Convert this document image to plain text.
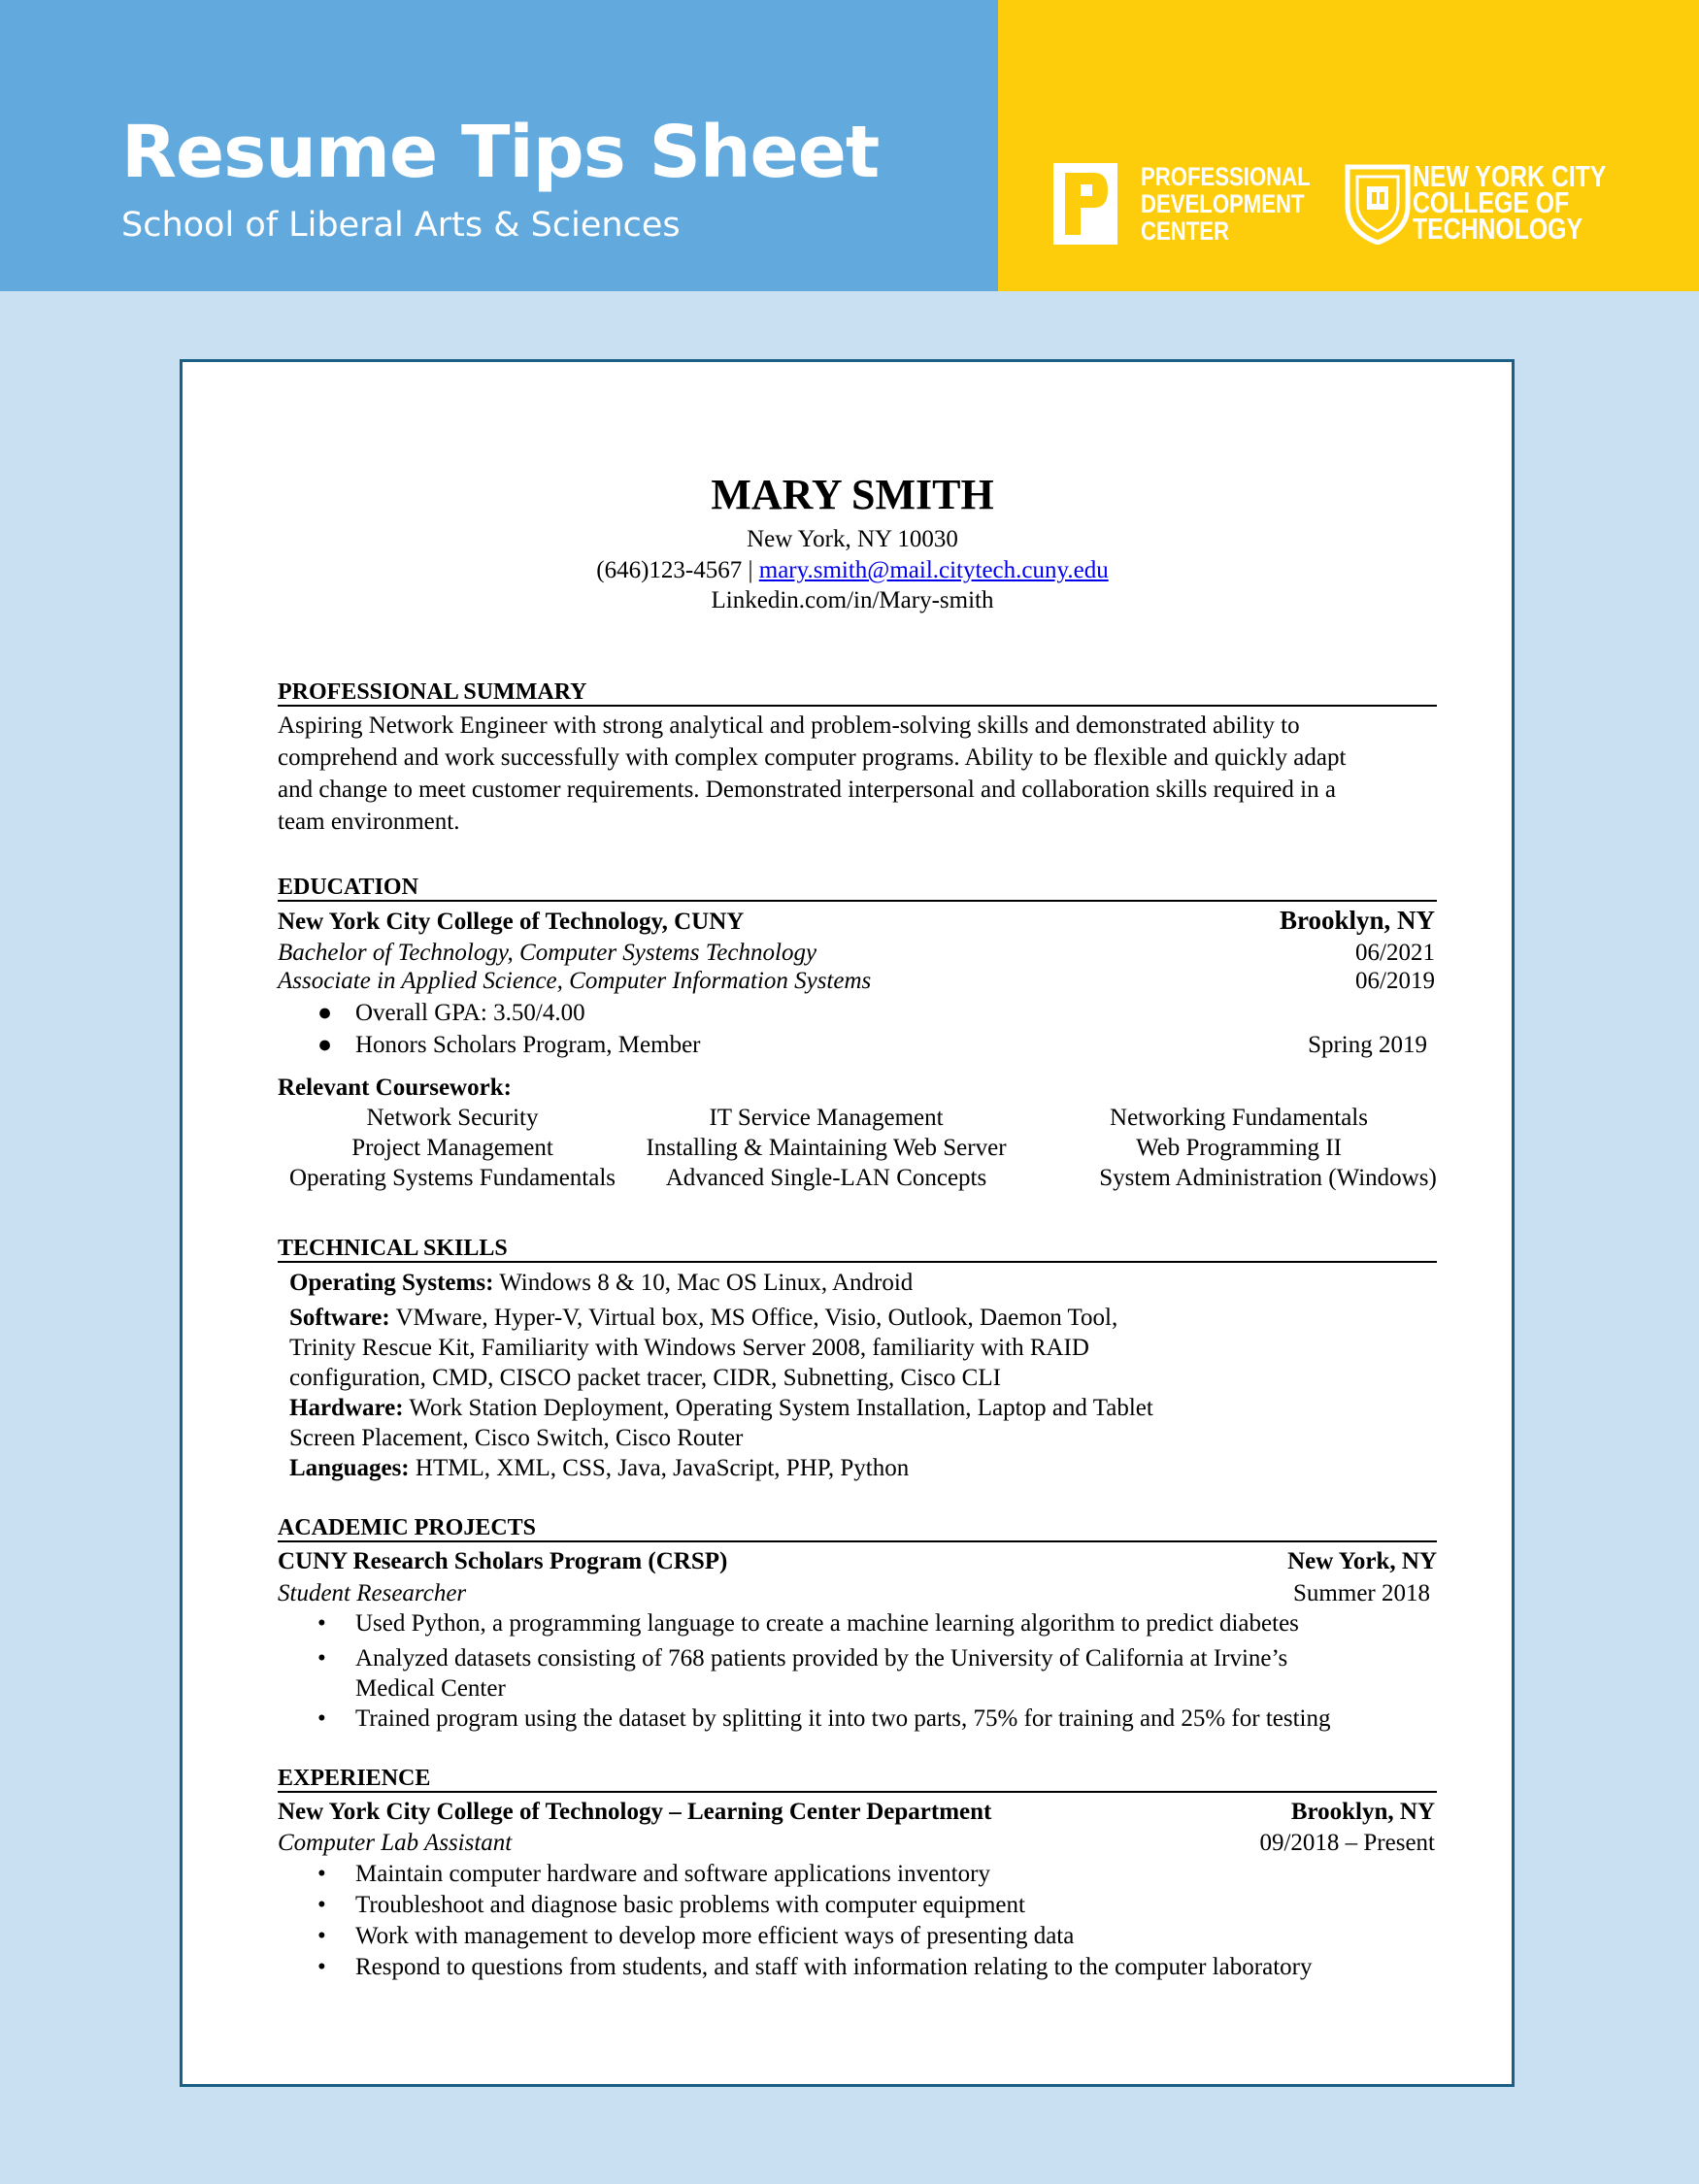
Resume Tips Sheet
School of Liberal Arts & Sciences
PROFESSIONAL
DEVELOPMENT
CENTER
NEW YORK CITY
COLLEGE OF
TECHNOLOGY
MARY SMITH
New York, NY 10030
(646)123-4567 | mary.smith@mail.citytech.cuny.edu
Linkedin.com/in/Mary-smith
PROFESSIONAL SUMMARY
Aspiring Network Engineer with strong analytical and problem-solving skills and demonstrated ability to
comprehend and work successfully with complex computer programs. Ability to be flexible and quickly adapt
and change to meet customer requirements. Demonstrated interpersonal and collaboration skills required in a
team environment.
EDUCATION
New York City College of Technology, CUNY	Brooklyn, NY
Bachelor of Technology, Computer Systems Technology	06/2021
Associate in Applied Science, Computer Information Systems	06/2019
● Overall GPA: 3.50/4.00
● Honors Scholars Program, Member	Spring 2019
Relevant Coursework:
Network Security	IT Service Management	Networking Fundamentals
Project Management	Installing & Maintaining Web Server	Web Programming II
Operating Systems Fundamentals	Advanced Single-LAN Concepts	System Administration (Windows)
TECHNICAL SKILLS
Operating Systems: Windows 8 & 10, Mac OS Linux, Android
Software: VMware, Hyper-V, Virtual box, MS Office, Visio, Outlook, Daemon Tool,
Trinity Rescue Kit, Familiarity with Windows Server 2008, familiarity with RAID
configuration, CMD, CISCO packet tracer, CIDR, Subnetting, Cisco CLI
Hardware: Work Station Deployment, Operating System Installation, Laptop and Tablet
Screen Placement, Cisco Switch, Cisco Router
Languages: HTML, XML, CSS, Java, JavaScript, PHP, Python
ACADEMIC PROJECTS
CUNY Research Scholars Program (CRSP)	New York, NY
Student Researcher	Summer 2018
• Used Python, a programming language to create a machine learning algorithm to predict diabetes
• Analyzed datasets consisting of 768 patients provided by the University of California at Irvine’s
Medical Center
• Trained program using the dataset by splitting it into two parts, 75% for training and 25% for testing
EXPERIENCE
New York City College of Technology – Learning Center Department	Brooklyn, NY
Computer Lab Assistant	09/2018 – Present
• Maintain computer hardware and software applications inventory
• Troubleshoot and diagnose basic problems with computer equipment
• Work with management to develop more efficient ways of presenting data
• Respond to questions from students, and staff with information relating to the computer laboratory
